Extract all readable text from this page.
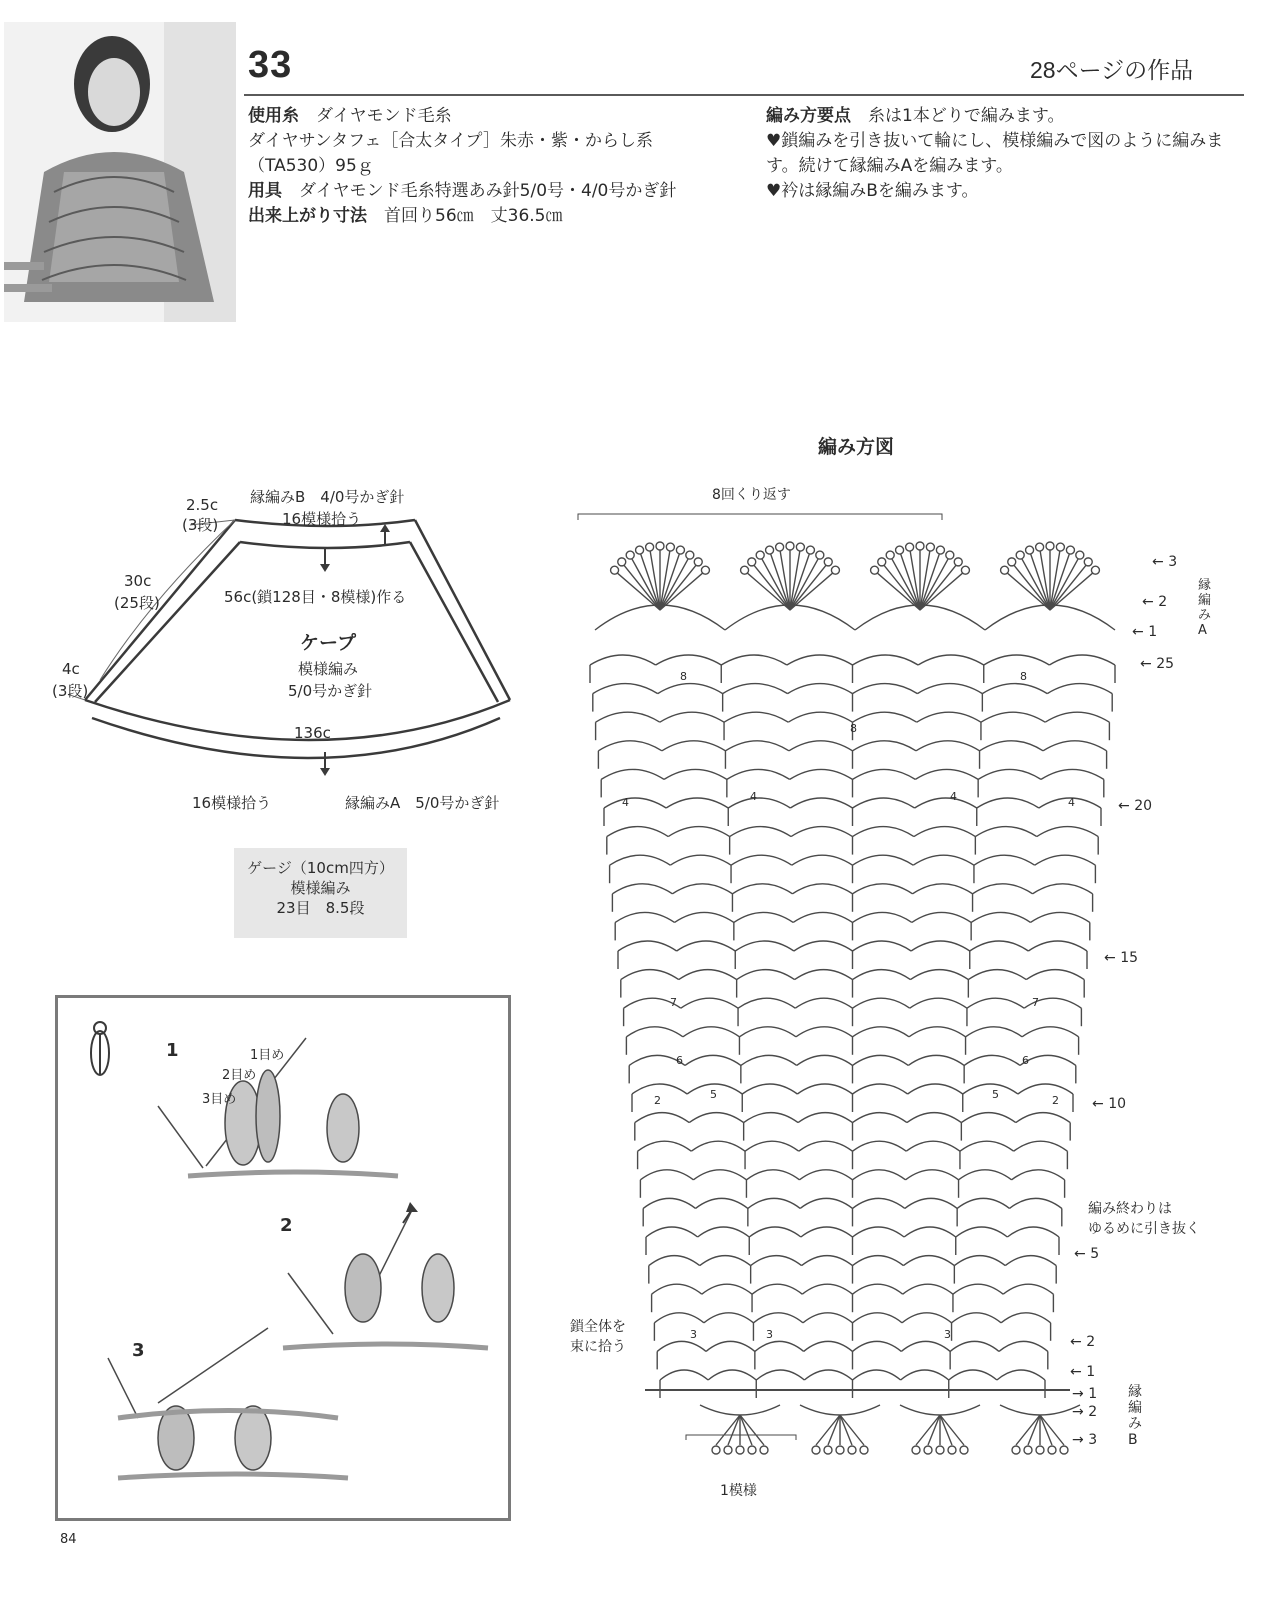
33	28ページの作品
使用糸　 ダイヤモンド毛糸
ダイヤサンタフェ［合太タイプ］朱赤・紫・からし系（TA530）95ｇ
用具　 ダイヤモンド毛糸特選あみ針5/0号・4/0号かぎ針
出来上がり寸法　 首回り56㎝　丈36.5㎝
編み方要点　 糸は1本どりで編みます。
♥鎖編みを引き抜いて輪にし、模様編みで図のように編みます。続けて縁編みAを編みます。
♥衿は縁編みBを編みます。
縁編みB　4/0号かぎ針
16模様拾う
2.5c
(3段)
56c(鎖128目・8模様)作る
30c
(25段)
4c
(3段)
ケープ
模様編み
5/0号かぎ針
136c
16模様拾う	縁編みA　5/0号かぎ針
ゲージ（10cm四方）
模様編み
23目　8.5段
1
2
3
1目め
2目め
3目め
編み方図
8回くり返す
← 3
← 2
← 1
← 25
← 20
← 15
← 10
← 5
← 2
← 1
→ 1
→ 2
→ 3
縁編みA
縁編みB
編み終わりは
ゆるめに引き抜く
鎖全体を
束に拾う
1模様
8
8
8
4	4	4	4
7	7
6	6
5	5
3	3	3
2	2
84
